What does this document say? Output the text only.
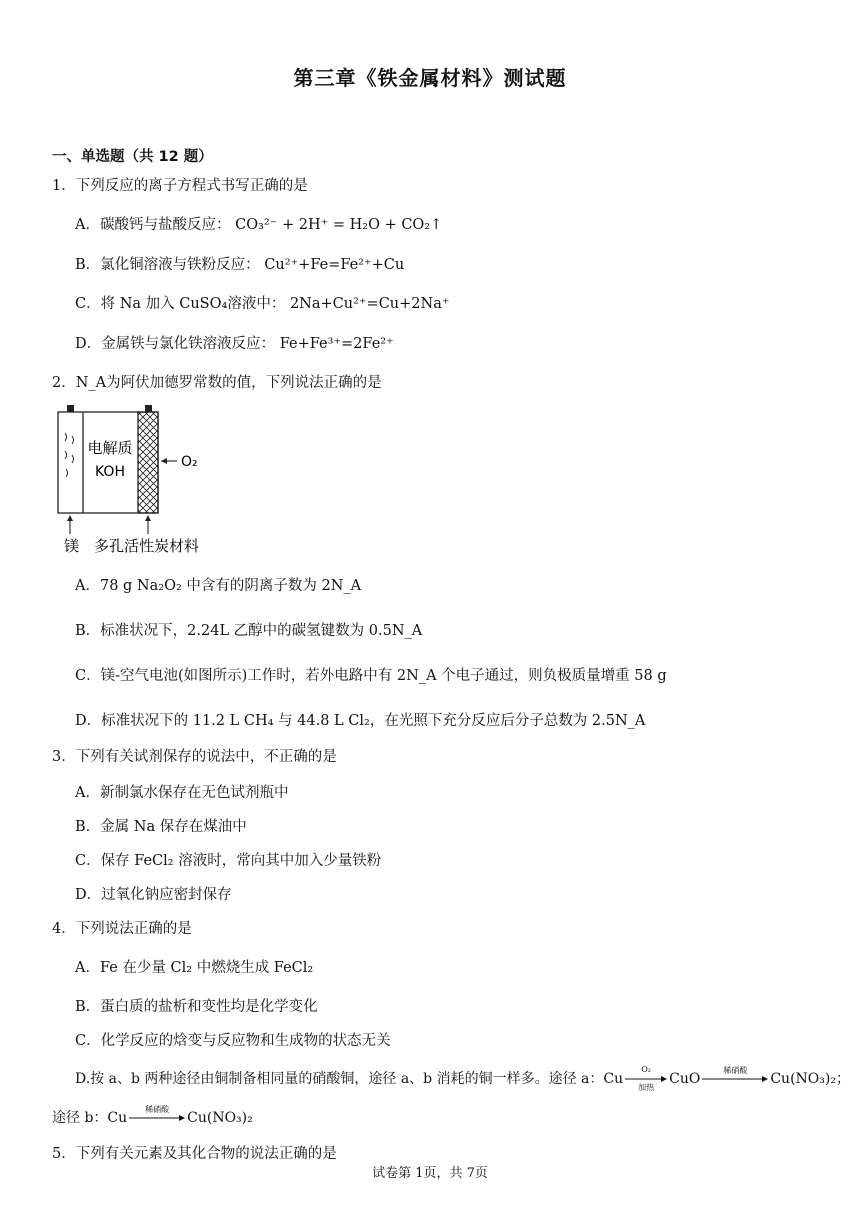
第三章《铁金属材料》测试题
一、单选题（共 12 题）
1．下列反应的离子方程式书写正确的是
A．碳酸钙与盐酸反应： CO₃²⁻ + 2H⁺ = H₂O + CO₂↑
B．氯化铜溶液与铁粉反应： Cu²⁺+Fe=Fe²⁺+Cu
C．将 Na 加入 CuSO₄溶液中： 2Na+Cu²⁺=Cu+2Na⁺
D．金属铁与氯化铁溶液反应： Fe+Fe³⁺=2Fe²⁺
2．N_A为阿伏加德罗常数的值，下列说法正确的是
电解质
KOH
O₂
镁 多孔活性炭材料
A．78 g Na₂O₂ 中含有的阴离子数为 2N_A
B．标准状况下，2.24L 乙醇中的碳氢键数为 0.5N_A
C．镁-空气电池(如图所示)工作时，若外电路中有 2N_A 个电子通过，则负极质量增重 58 g
D．标准状况下的 11.2 L CH₄ 与 44.8 L Cl₂，在光照下充分反应后分子总数为 2.5N_A
3．下列有关试剂保存的说法中，不正确的是
A．新制氯水保存在无色试剂瓶中
B．金属 Na 保存在煤油中
C．保存 FeCl₂ 溶液时，常向其中加入少量铁粉
D．过氧化钠应密封保存
4．下列说法正确的是
A．Fe 在少量 Cl₂ 中燃烧生成 FeCl₂
B．蛋白质的盐析和变性均是化学变化
C．化学反应的焓变与反应物和生成物的状态无关
D.按 a、b 两种途径由铜制备相同量的硝酸铜，途径 a、b 消耗的铜一样多。途径 a：Cu
O₂
加热
CuO
稀硝酸
Cu(NO₃)₂；
途径 b：Cu
稀硝酸
Cu(NO₃)₂
5．下列有关元素及其化合物的说法正确的是
试卷第 1页，共 7页
